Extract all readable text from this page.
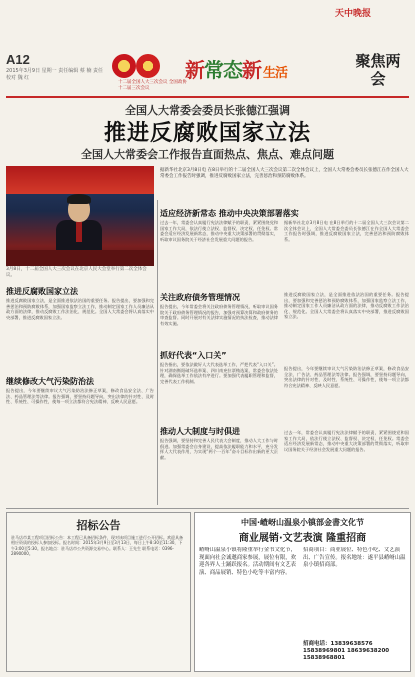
A12
2015年3月9日 星期一 责任编辑 蔡 楠 责任校对 魏 红
十二届全国人大三次会议 全国政协十二届三次会议
新常态新 生活
天中晚报
聚焦两会
全国人大常委会委员长张德江强调
推进反腐败国家立法
全国人大常委会工作报告直面热点、焦点、难点问题
3月8日，十二届全国人大三次会议在北京人民大会堂举行第二次全体会议。
据新华社北京3月8日电 在8日举行的十二届全国人大三次会议第二次全体会议上，全国人大常委会委员长张德江在作全国人大常委会工作报告时强调，推进反腐败国家立法，完善惩治和预防腐败体系。
推进反腐败国家立法
推进反腐败国家立法，是全面推进依法治国的重要任务。报告提出，要加强和完善惩治和预防腐败体系，加强国家监察立法工作，推动制定国家工作人员廉洁从政方面的法律，推动反腐败工作法治化、规范化。全国人大常委会将认真落实中央部署，推进反腐败国家立法。
继续修改大气污染防治法
报告提出，今年要继续审议大气污染防治法修正草案，修改食品安全法、广告法、药品管理法等法律。报告强调，要坚持问题导向，突出法律的针对性、及时性、系统性、可操作性，使每一项立法都符合宪法精神、反映人民意愿。
适应经济新常态 推动中央决策部署落实
过去一年，常委会认真履行宪法法律赋予的职责，紧紧围绕党和国家工作大局，依法行使立法权、监督权、决定权、任免权。常委会适应经济发展新常态，推动中央重大决策部署的贯彻落实，听取审议国务院关于经济社会发展重大问题的报告。
据新华社北京3月8日电 在8日举行的十二届全国人大三次会议第二次全体会议上，全国人大常委会委员长张德江在作全国人大常委会工作报告时强调，推进反腐败国家立法，完善惩治和预防腐败体系。
关注政府债务管理情况
报告提出，今年常委会将关注政府债务管理情况，听取审议国务院关于政府债务管理情况的报告，加强对预算决算和政府债务的审查监督。同时开展对有关法律实施情况的执法检查，推动法律有效实施。
推进反腐败国家立法，是全面推进依法治国的重要任务。报告提出，要加强和完善惩治和预防腐败体系，加强国家监察立法工作，推动制定国家工作人员廉洁从政方面的法律，推动反腐败工作法治化、规范化。全国人大常委会将认真落实中央部署，推进反腐败国家立法。
抓好代表“入口关”
报告指出，要依法做好人大代表选举工作，严把代表“入口关”。针对湖南衡阳破坏选举案、四川南充拉票贿选案，常委会依法处理，确保选举工作依法有序进行。要加强代表履职管理和监督，完善代表工作机制。
报告提出，今年要继续审议大气污染防治法修正草案，修改食品安全法、广告法、药品管理法等法律。报告强调，要坚持问题导向，突出法律的针对性、及时性、系统性、可操作性，使每一项立法都符合宪法精神、反映人民意愿。
推动人大制度与时俱进
报告强调，要坚持和完善人民代表大会制度，推动人大工作与时俱进。加强常委会自身建设，提高依法履职能力和水平，充分发挥人大代表作用，为实现“两个一百年”奋斗目标作出新的更大贡献。
过去一年，常委会认真履行宪法法律赋予的职责，紧紧围绕党和国家工作大局，依法行使立法权、监督权、决定权、任免权。常委会适应经济发展新常态，推动中央重大决策部署的贯彻落实，听取审议国务院关于经济社会发展重大问题的报告。
招标公告
驻马店市某工程项目招标公告：本工程已具备招标条件，现对该项目施工进行公开招标。欢迎具备相应资质的投标人参加投标。报名时间：2015年3月9日至3月13日，每日上午8:30至11:30，下午3:00至5:30。报名地点：驻马店市公共资源交易中心。联系人：王先生 联系电话：0396-2890000。
中国·嵖岈山温泉小镇部金書文化节
商业展销·文艺表演 隆重招商
嵖岈山温泉小镇将隆重举行金书文化节，现面向社会诚邀商家参展，展位有限，欢迎各界人士踊跃报名。活动期间有文艺表演、商品展销、特色小吃等丰富内容。
招商项目：商业展位、特色小吃、文艺演出、广告宣传。报名地址：遂平县嵖岈山温泉小镇招商部。
招商电话：13839638576 15838969801 18639638200 15838968801
